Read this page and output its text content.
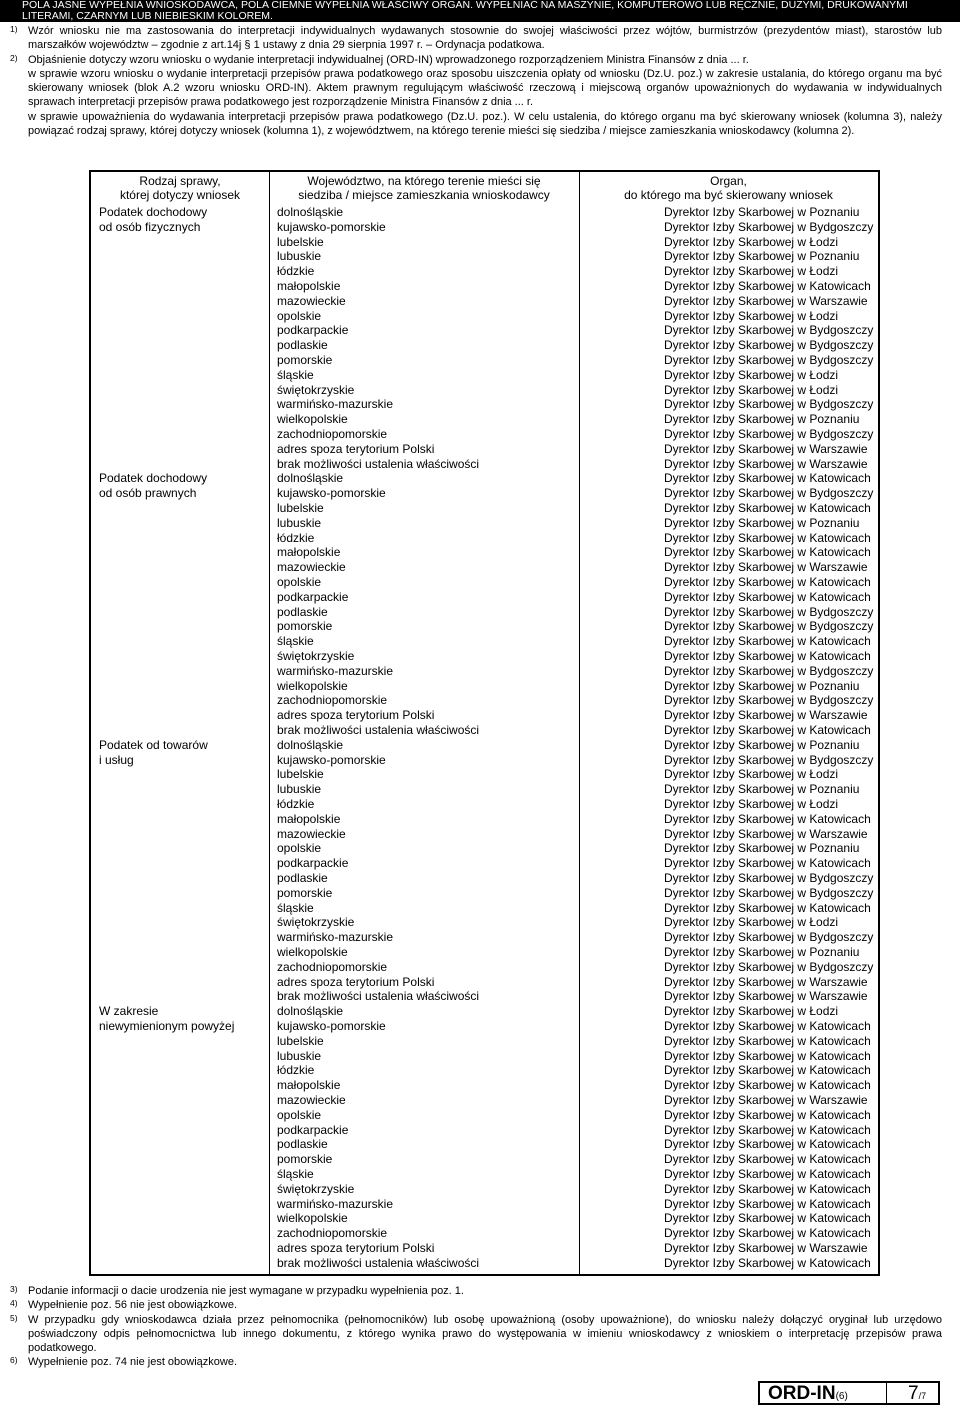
POLA JASNE WYPEŁNIA WNIOSKODAWCA, POLA CIEMNE WYPEŁNIA WŁAŚCIWY ORGAN. WYPEŁNIAĆ NA MASZYNIE, KOMPUTEROWO LUB RĘCZNIE, DUŻYMI, DRUKOWANYMI
LITERAMI, CZARNYM LUB NIEBIESKIM KOLOREM.
1) Wzór wniosku nie ma zastosowania do interpretacji indywidualnych wydawanych stosownie do swojej właściwości przez wójtów, burmistrzów (prezydentów miast), starostów lub marszałków województw – zgodnie z art.14j § 1 ustawy z dnia 29 sierpnia 1997 r. – Ordynacja podatkowa.
2) Objaśnienie dotyczy wzoru wniosku o wydanie interpretacji indywidualnej (ORD-IN) wprowadzonego rozporządzeniem Ministra Finansów z dnia ... r.
w sprawie wzoru wniosku o wydanie interpretacji przepisów prawa podatkowego oraz sposobu uiszczenia opłaty od wniosku (Dz.U. poz.) w zakresie ustalania, do którego organu ma być skierowany wniosek (blok A.2 wzoru wniosku ORD-IN). Aktem prawnym regulującym właściwość rzeczową i miejscową organów upoważnionych do wydawania w indywidualnych sprawach interpretacji przepisów prawa podatkowego jest rozporządzenie Ministra Finansów z dnia ... r.
w sprawie upoważnienia do wydawania interpretacji przepisów prawa podatkowego (Dz.U. poz.). W celu ustalenia, do którego organu ma być skierowany wniosek (kolumna 3), należy powiązać rodzaj sprawy, której dotyczy wniosek (kolumna 1), z województwem, na którego terenie mieści się siedziba / miejsce zamieszkania wnioskodawcy (kolumna 2).
Rodzaj sprawy,
której dotyczy wniosek
Podatek dochodowy
od osób fizycznych
Podatek dochodowy
od osób prawnych
Podatek od towarów
i usług
W zakresie
niewymienionym powyżej
Województwo, na którego terenie mieści się
siedziba / miejsce zamieszkania wnioskodawcy
dolnośląskie
kujawsko-pomorskie
lubelskie
lubuskie
łódzkie
małopolskie
mazowieckie
opolskie
podkarpackie
podlaskie
pomorskie
śląskie
świętokrzyskie
warmińsko-mazurskie
wielkopolskie
zachodniopomorskie
adres spoza terytorium Polski
brak możliwości ustalenia właściwości
dolnośląskie
kujawsko-pomorskie
lubelskie
lubuskie
łódzkie
małopolskie
mazowieckie
opolskie
podkarpackie
podlaskie
pomorskie
śląskie
świętokrzyskie
warmińsko-mazurskie
wielkopolskie
zachodniopomorskie
adres spoza terytorium Polski
brak możliwości ustalenia właściwości
dolnośląskie
kujawsko-pomorskie
lubelskie
lubuskie
łódzkie
małopolskie
mazowieckie
opolskie
podkarpackie
podlaskie
pomorskie
śląskie
świętokrzyskie
warmińsko-mazurskie
wielkopolskie
zachodniopomorskie
adres spoza terytorium Polski
brak możliwości ustalenia właściwości
dolnośląskie
kujawsko-pomorskie
lubelskie
lubuskie
łódzkie
małopolskie
mazowieckie
opolskie
podkarpackie
podlaskie
pomorskie
śląskie
świętokrzyskie
warmińsko-mazurskie
wielkopolskie
zachodniopomorskie
adres spoza terytorium Polski
brak możliwości ustalenia właściwości
Organ,
do którego ma być skierowany wniosek
Dyrektor Izby Skarbowej w Poznaniu
Dyrektor Izby Skarbowej w Bydgoszczy
Dyrektor Izby Skarbowej w Łodzi
Dyrektor Izby Skarbowej w Poznaniu
Dyrektor Izby Skarbowej w Łodzi
Dyrektor Izby Skarbowej w Katowicach
Dyrektor Izby Skarbowej w Warszawie
Dyrektor Izby Skarbowej w Łodzi
Dyrektor Izby Skarbowej w Bydgoszczy
Dyrektor Izby Skarbowej w Bydgoszczy
Dyrektor Izby Skarbowej w Bydgoszczy
Dyrektor Izby Skarbowej w Łodzi
Dyrektor Izby Skarbowej w Łodzi
Dyrektor Izby Skarbowej w Bydgoszczy
Dyrektor Izby Skarbowej w Poznaniu
Dyrektor Izby Skarbowej w Bydgoszczy
Dyrektor Izby Skarbowej w Warszawie
Dyrektor Izby Skarbowej w Warszawie
Dyrektor Izby Skarbowej w Katowicach
Dyrektor Izby Skarbowej w Bydgoszczy
Dyrektor Izby Skarbowej w Katowicach
Dyrektor Izby Skarbowej w Poznaniu
Dyrektor Izby Skarbowej w Katowicach
Dyrektor Izby Skarbowej w Katowicach
Dyrektor Izby Skarbowej w Warszawie
Dyrektor Izby Skarbowej w Katowicach
Dyrektor Izby Skarbowej w Katowicach
Dyrektor Izby Skarbowej w Bydgoszczy
Dyrektor Izby Skarbowej w Bydgoszczy
Dyrektor Izby Skarbowej w Katowicach
Dyrektor Izby Skarbowej w Katowicach
Dyrektor Izby Skarbowej w Bydgoszczy
Dyrektor Izby Skarbowej w Poznaniu
Dyrektor Izby Skarbowej w Bydgoszczy
Dyrektor Izby Skarbowej w Warszawie
Dyrektor Izby Skarbowej w Katowicach
Dyrektor Izby Skarbowej w Poznaniu
Dyrektor Izby Skarbowej w Bydgoszczy
Dyrektor Izby Skarbowej w Łodzi
Dyrektor Izby Skarbowej w Poznaniu
Dyrektor Izby Skarbowej w Łodzi
Dyrektor Izby Skarbowej w Katowicach
Dyrektor Izby Skarbowej w Warszawie
Dyrektor Izby Skarbowej w Poznaniu
Dyrektor Izby Skarbowej w Katowicach
Dyrektor Izby Skarbowej w Bydgoszczy
Dyrektor Izby Skarbowej w Bydgoszczy
Dyrektor Izby Skarbowej w Katowicach
Dyrektor Izby Skarbowej w Łodzi
Dyrektor Izby Skarbowej w Bydgoszczy
Dyrektor Izby Skarbowej w Poznaniu
Dyrektor Izby Skarbowej w Bydgoszczy
Dyrektor Izby Skarbowej w Warszawie
Dyrektor Izby Skarbowej w Warszawie
Dyrektor Izby Skarbowej w Łodzi
Dyrektor Izby Skarbowej w Katowicach
Dyrektor Izby Skarbowej w Katowicach
Dyrektor Izby Skarbowej w Katowicach
Dyrektor Izby Skarbowej w Katowicach
Dyrektor Izby Skarbowej w Katowicach
Dyrektor Izby Skarbowej w Warszawie
Dyrektor Izby Skarbowej w Katowicach
Dyrektor Izby Skarbowej w Katowicach
Dyrektor Izby Skarbowej w Katowicach
Dyrektor Izby Skarbowej w Katowicach
Dyrektor Izby Skarbowej w Katowicach
Dyrektor Izby Skarbowej w Katowicach
Dyrektor Izby Skarbowej w Katowicach
Dyrektor Izby Skarbowej w Katowicach
Dyrektor Izby Skarbowej w Katowicach
Dyrektor Izby Skarbowej w Warszawie
Dyrektor Izby Skarbowej w Katowicach
3) Podanie informacji o dacie urodzenia nie jest wymagane w przypadku wypełnienia poz. 1.
4) Wypełnienie poz. 56 nie jest obowiązkowe.
5) W przypadku gdy wnioskodawca działa przez pełnomocnika (pełnomocników) lub osobę upoważnioną (osoby upoważnione), do wniosku należy dołączyć oryginał lub urzędowo poświadczony odpis pełnomocnictwa lub innego dokumentu, z którego wynika prawo do występowania w imieniu wnioskodawcy z wnioskiem o interpretację przepisów prawa podatkowego.
6) Wypełnienie poz. 74 nie jest obowiązkowe.
ORD-IN(6)	7/7
